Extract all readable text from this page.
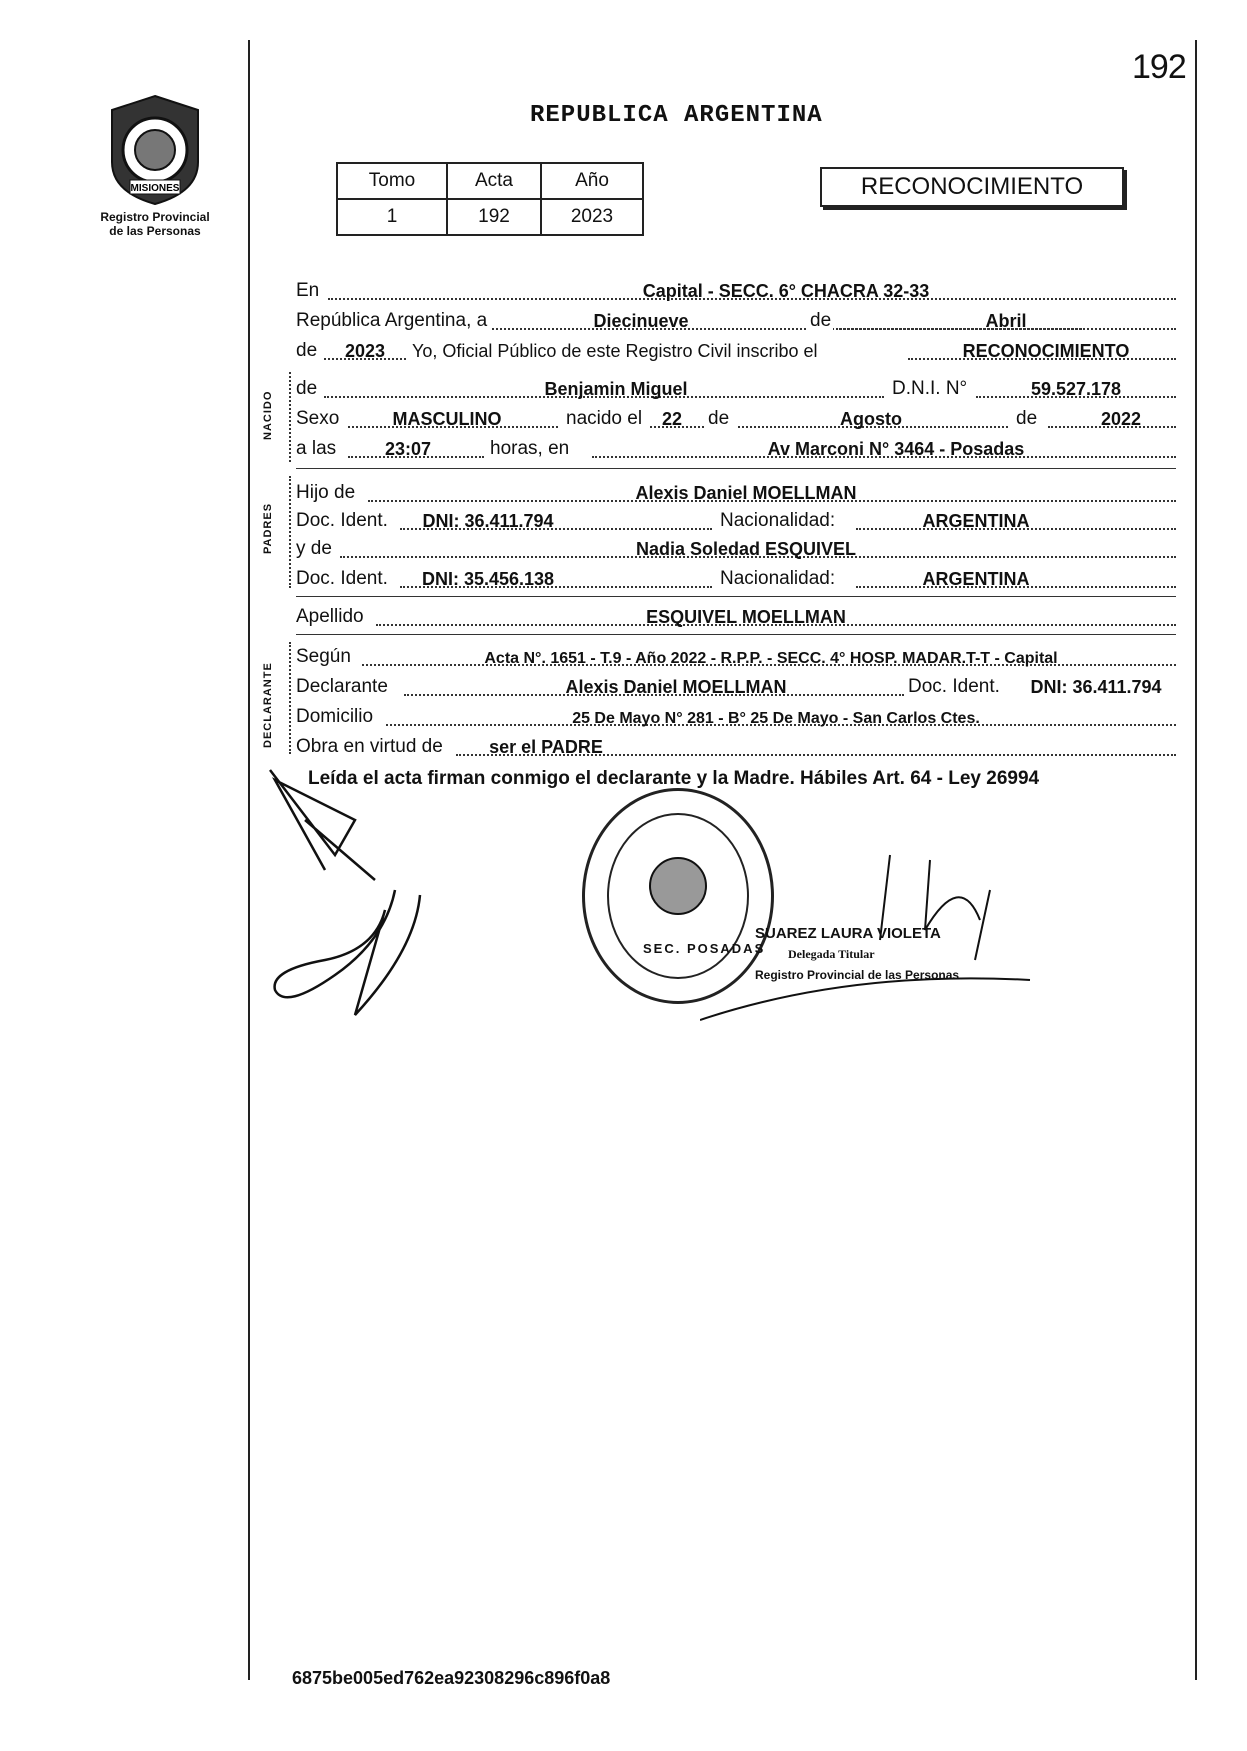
192
MISIONES
Registro Provincial
de las Personas
REPUBLICA ARGENTINA
Tomo	Acta	Año
1	192	2023
RECONOCIMIENTO
En	Capital - SECC. 6° CHACRA 32-33
República Argentina, a	Diecinueve	de	Abril
de	2023	Yo, Oficial Público de este Registro Civil inscribo el	RECONOCIMIENTO
NACIDO
de	Benjamin Miguel	D.N.I. N°	59.527.178
Sexo	MASCULINO	nacido el	22	de	Agosto	de	2022
a las	23:07	horas, en	Av Marconi N° 3464 - Posadas
PADRES
Hijo de	Alexis Daniel MOELLMAN
Doc. Ident.	DNI: 36.411.794	Nacionalidad:	ARGENTINA
y de	Nadia Soledad ESQUIVEL
Doc. Ident.	DNI: 35.456.138	Nacionalidad:	ARGENTINA
Apellido	ESQUIVEL MOELLMAN
DECLARANTE
Según	Acta N°. 1651 - T.9 - Año 2022 - R.P.P. - SECC. 4° HOSP. MADAR.T-T - Capital
Declarante	Alexis Daniel MOELLMAN	Doc. Ident.	DNI: 36.411.794
Domicilio	25 De Mayo N° 281 - B° 25 De Mayo - San Carlos Ctes.
Obra en virtud de	ser el PADRE
Leída el acta firman conmigo el declarante y la Madre. Hábiles Art. 64 - Ley 26994
SEC. POSADAS
SUAREZ LAURA VIOLETA
Delegada Titular
Registro Provincial de las Personas
6875be005ed762ea92308296c896f0a8
